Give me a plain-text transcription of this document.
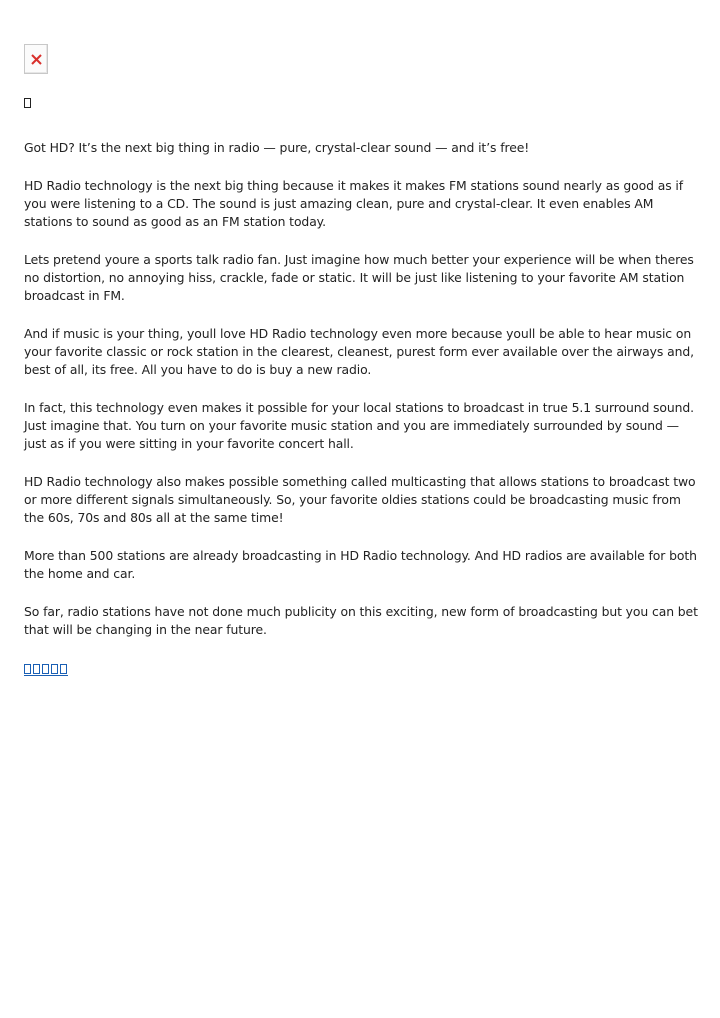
Got HD? It’s the next big thing in radio — pure, crystal-clear sound — and it’s free!

HD Radio technology is the next big thing because it makes it makes FM stations sound nearly as good as if you were listening to a CD. The sound is just amazing clean, pure and crystal-clear. It even enables AM stations to sound as good as an FM station today.

Lets pretend youre a sports talk radio fan. Just imagine how much better your experience will be when theres no distortion, no annoying hiss, crackle, fade or static. It will be just like listening to your favorite AM station broadcast in FM.

And if music is your thing, youll love HD Radio technology even more because youll be able to hear music on your favorite classic or rock station in the clearest, cleanest, purest form ever available over the airways and, best of all, its free. All you have to do is buy a new radio.

In fact, this technology even makes it possible for your local stations to broadcast in true 5.1 surround sound. Just imagine that. You turn on your favorite music station and you are immediately surrounded by sound — just as if you were sitting in your favorite concert hall.

HD Radio technology also makes possible something called multicasting that allows stations to broadcast two or more different signals simultaneously. So, your favorite oldies stations could be broadcasting music from the 60s, 70s and 80s all at the same time!

More than 500 stations are already broadcasting in HD Radio technology. And HD radios are available for both the home and car.

So far, radio stations have not done much publicity on this exciting, new form of broadcasting but you can bet that will be changing in the near future.
